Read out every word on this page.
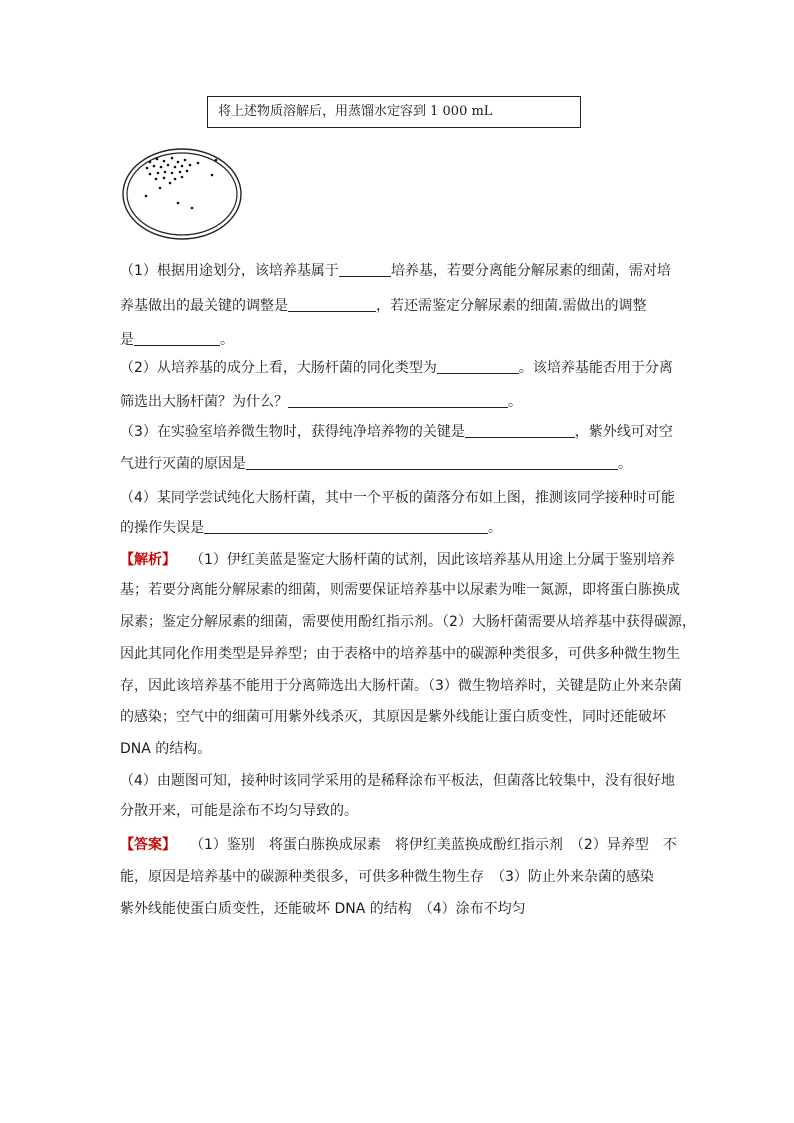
将上述物质溶解后，用蒸馏水定容到 1 000 mL
（1）根据用途划分，该培养基属于	培养基，若要分离能分解尿素的细菌，需对培
养基做出的最关键的调整是	，若还需鉴定分解尿素的细菌.需做出的调整
是	。
（2）从培养基的成分上看，大肠杆菌的同化类型为	。该培养基能否用于分离
筛选出大肠杆菌？为什么？	。
（3）在实验室培养微生物时，获得纯净培养物的关键是	，紫外线可对空
气进行灭菌的原因是	。
（4）某同学尝试纯化大肠杆菌，其中一个平板的菌落分布如上图，推测该同学接种时可能
的操作失误是	。
【解析】 （1）伊红美蓝是鉴定大肠杆菌的试剂，因此该培养基从用途上分属于鉴别培养
基；若要分离能分解尿素的细菌，则需要保证培养基中以尿素为唯一氮源，即将蛋白胨换成
尿素；鉴定分解尿素的细菌，需要使用酚红指示剂。（2）大肠杆菌需要从培养基中获得碳源，
因此其同化作用类型是异养型；由于表格中的培养基中的碳源种类很多，可供多种微生物生
存，因此该培养基不能用于分离筛选出大肠杆菌。（3）微生物培养时，关键是防止外来杂菌
的感染；空气中的细菌可用紫外线杀灭，其原因是紫外线能让蛋白质变性，同时还能破坏
DNA 的结构。
（4）由题图可知，接种时该同学采用的是稀释涂布平板法，但菌落比较集中，没有很好地
分散开来，可能是涂布不均匀导致的。
【答案】 （1）鉴别　将蛋白胨换成尿素　将伊红美蓝换成酚红指示剂　（2）异养型　不
能，原因是培养基中的碳源种类很多，可供多种微生物生存　（3）防止外来杂菌的感染
紫外线能使蛋白质变性，还能破坏 DNA 的结构　（4）涂布不均匀
